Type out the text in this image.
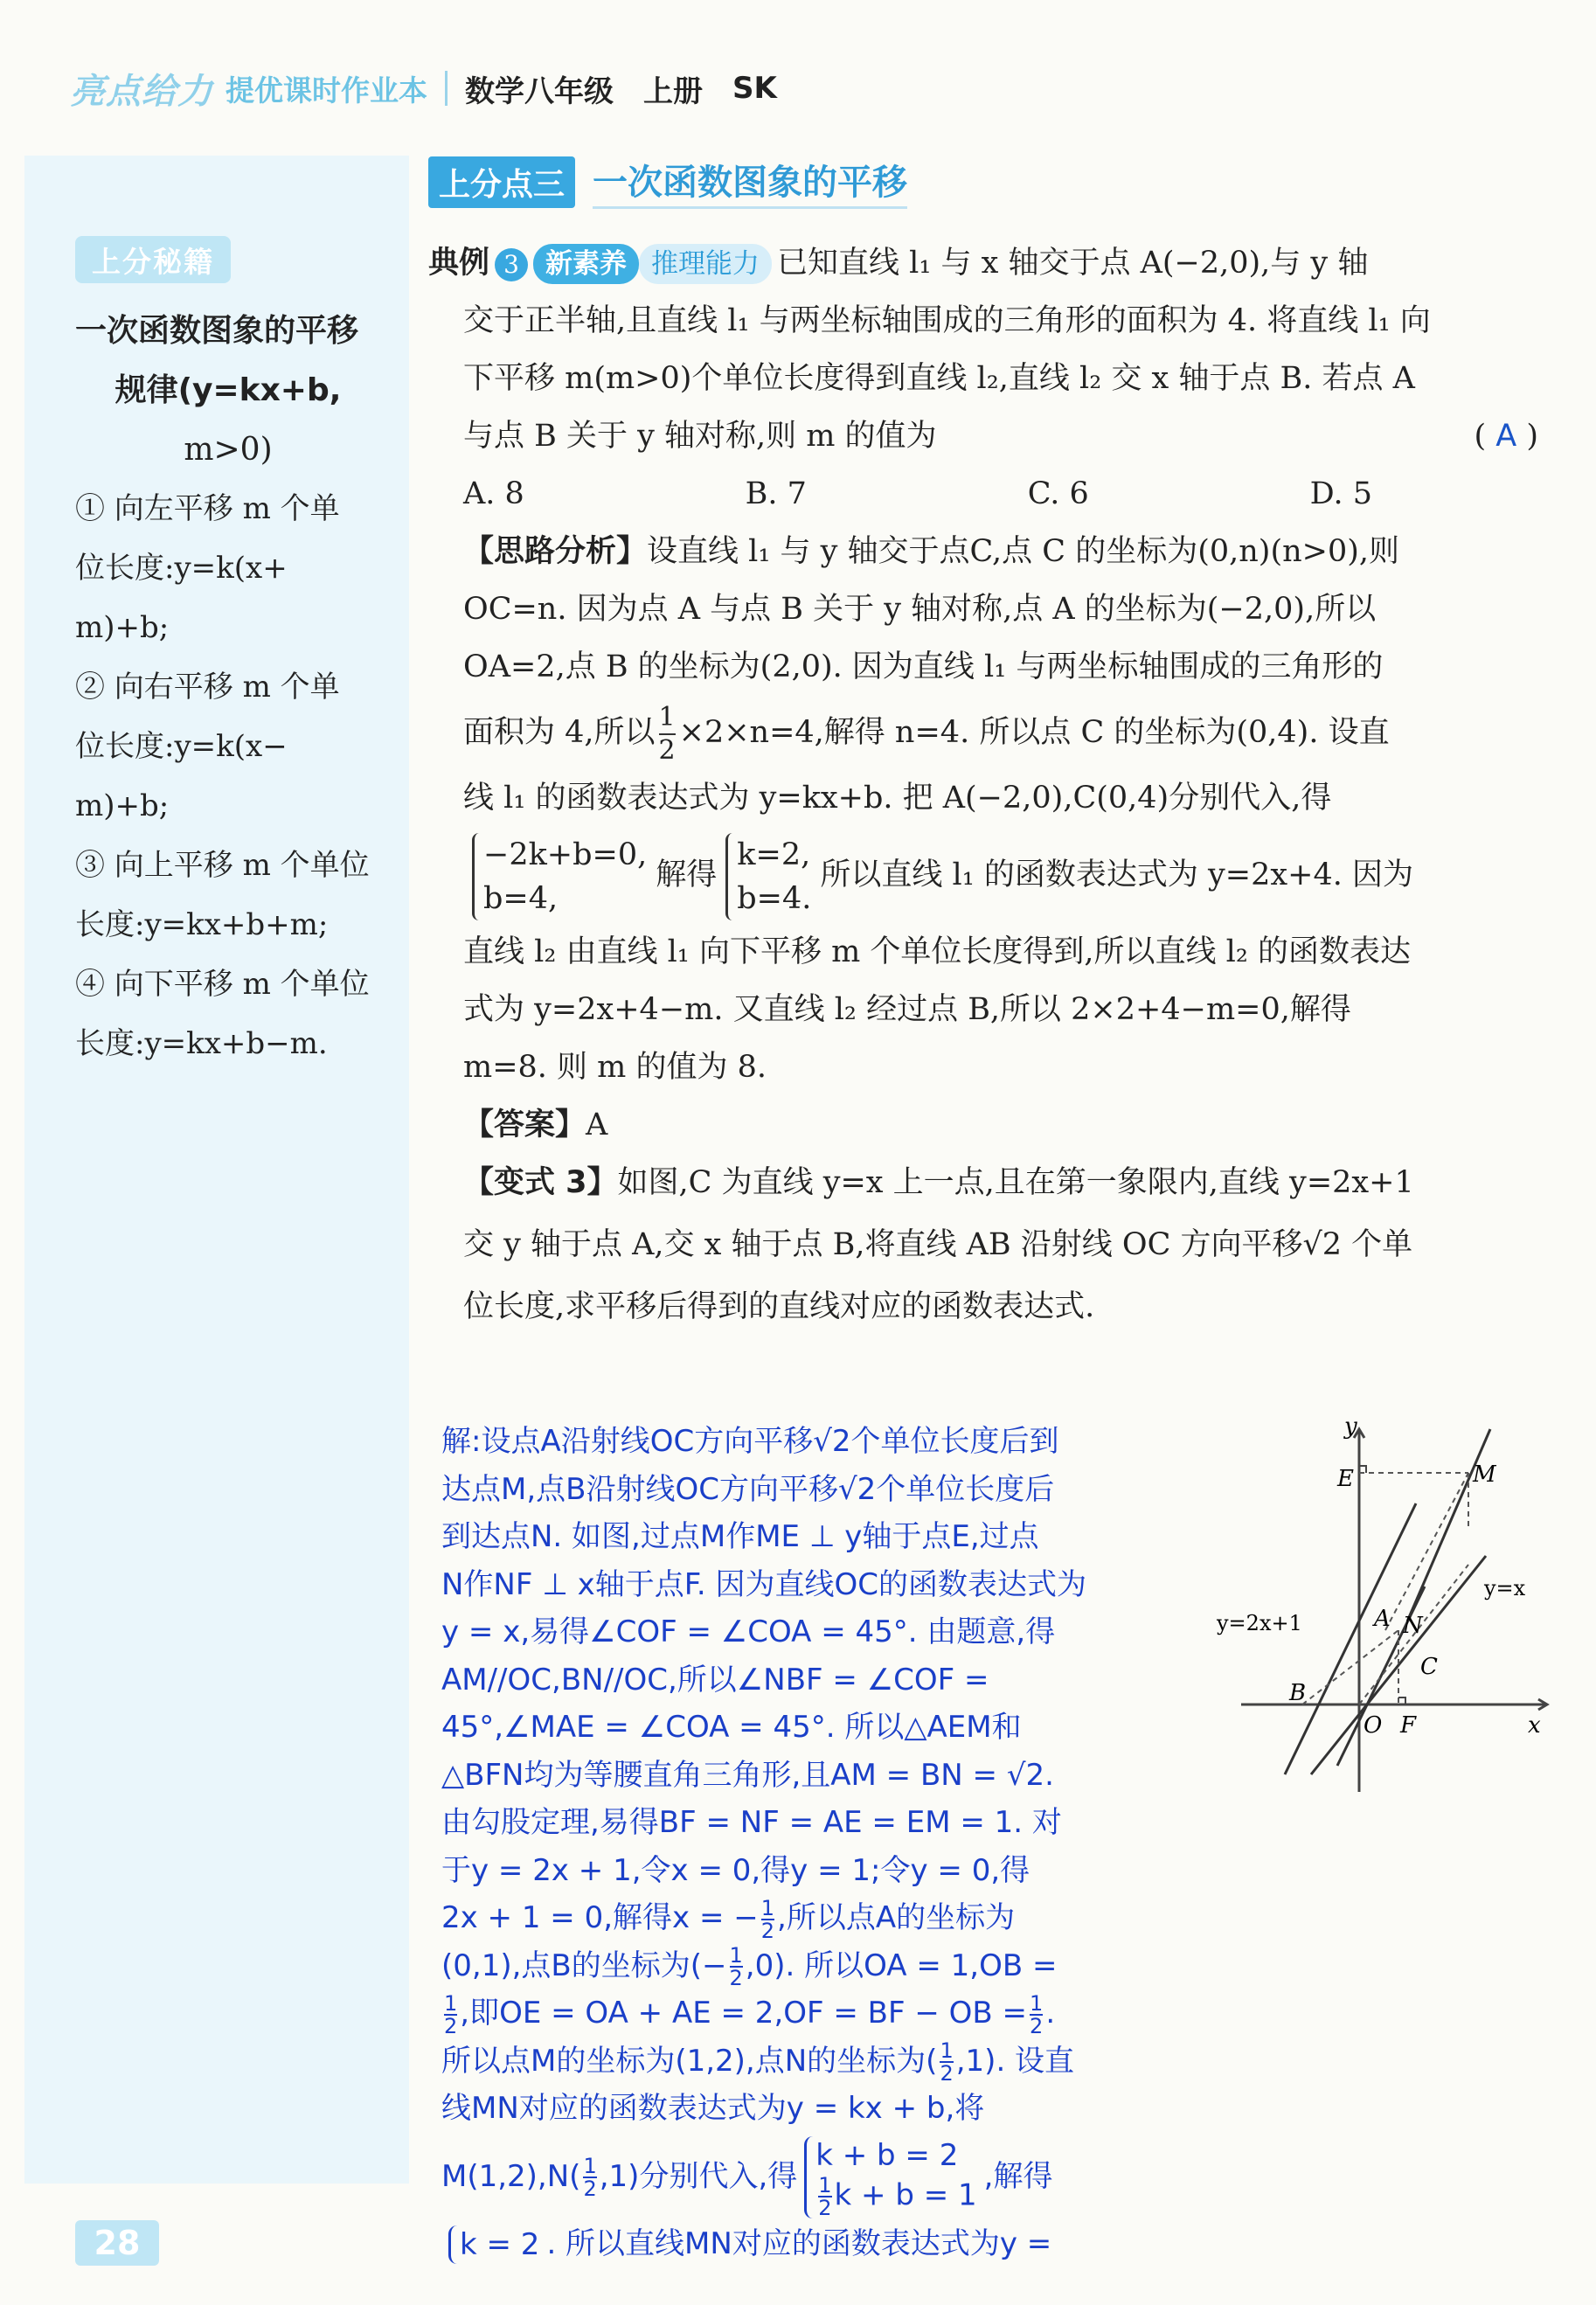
亮点给力 提优课时作业本 数学八年级 上册 SK
上分秘籍
一次函数图象的平移
规律(y=kx+b,
m>0)
① 向左平移 m 个单
位长度:y=k(x+
m)+b;
② 向右平移 m 个单
位长度:y=k(x−
m)+b;
③ 向上平移 m 个单位
长度:y=kx+b+m;
④ 向下平移 m 个单位
长度:y=kx+b−m.
上分点三 一次函数图象的平移

典例 3 新素养 推理能力 已知直线 l₁ 与 x 轴交于点 A(−2,0),与 y 轴

交于正半轴,且直线 l₁ 与两坐标轴围成的三角形的面积为 4. 将直线 l₁ 向

下平移 m(m>0)个单位长度得到直线 l₂,直线 l₂ 交 x 轴于点 B. 若点 A

与点 B 关于 y 轴对称,则 m 的值为	( A )

A. 8	B. 7	C. 6	D. 5

【思路分析】设直线 l₁ 与 y 轴交于点C,点 C 的坐标为(0,n)(n>0),则

OC=n. 因为点 A 与点 B 关于 y 轴对称,点 A 的坐标为(−2,0),所以

OA=2,点 B 的坐标为(2,0). 因为直线 l₁ 与两坐标轴围成的三角形的

面积为 4,所以 $\frac{1}{2} \times 2\times n=4$,解得 n=4. 所以点 C 的坐标为(0,4). 设直

线 l₁ 的函数表达式为 y=kx+b. 把 A(−2,0),C(0,4)分别代入,得

−2k+b=0,
b=4,
解得
k=2,
b=4.
所以直线 l₁ 的函数表达式为 y=2x+4. 因为

直线 l₂ 由直线 l₁ 向下平移 m 个单位长度得到,所以直线 l₂ 的函数表达

式为 y=2x+4−m. 又直线 l₂ 经过点 B,所以 2×2+4−m=0,解得

m=8. 则 m 的值为 8.

【答案】A

【变式 3】如图,C 为直线 y=x 上一点,且在第一象限内,直线 y=2x+1

交 y 轴于点 A,交 x 轴于点 B,将直线 AB 沿射线 OC 方向平移√2 个单

位长度,求平移后得到的直线对应的函数表达式.

解:设点A沿射线OC方向平移√2个单位长度后到
达点M,点B沿射线OC方向平移√2个单位长度后
到达点N. 如图,过点M作ME ⊥ y轴于点E,过点
N作NF ⊥ x轴于点F. 因为直线OC的函数表达式为
y = x,易得∠COF = ∠COA = 45°. 由题意,得
AM//OC,BN//OC,所以∠NBF = ∠COF =
45°,∠MAE = ∠COA = 45°. 所以△AEM和
△BFN均为等腰直角三角形,且AM = BN = √2.
由勾股定理,易得BF = NF = AE = EM = 1. 对
于y = 2x + 1,令x = 0,得y = 1;令y = 0,得
2x + 1 = 0,解得x = − $\frac{1}{2}$ ,所以点A的坐标为
(0,1),点B的坐标为(− $\frac{1}{2} ,0$). 所以OA = 1,OB =
$\frac{1}{2}$ ,即OE = OA + AE = 2,OF = BF − OB = $\frac{1}{2}$ .
所以点M的坐标为(1,2),点N的坐标为( $\frac{1}{2} ,1$). 设直
线MN对应的函数表达式为y = kx + b,将
$M(1,2),N( \frac{1}{2} ,1)$分别代入,得
k + b = 2
$\frac{1}{2}$ k + b = 1
,解得
k = 2 . 所以直线MN对应的函数表达式为y =
y
x
E	M
A N
C
B
O F
y=2x+1
y=x
28
